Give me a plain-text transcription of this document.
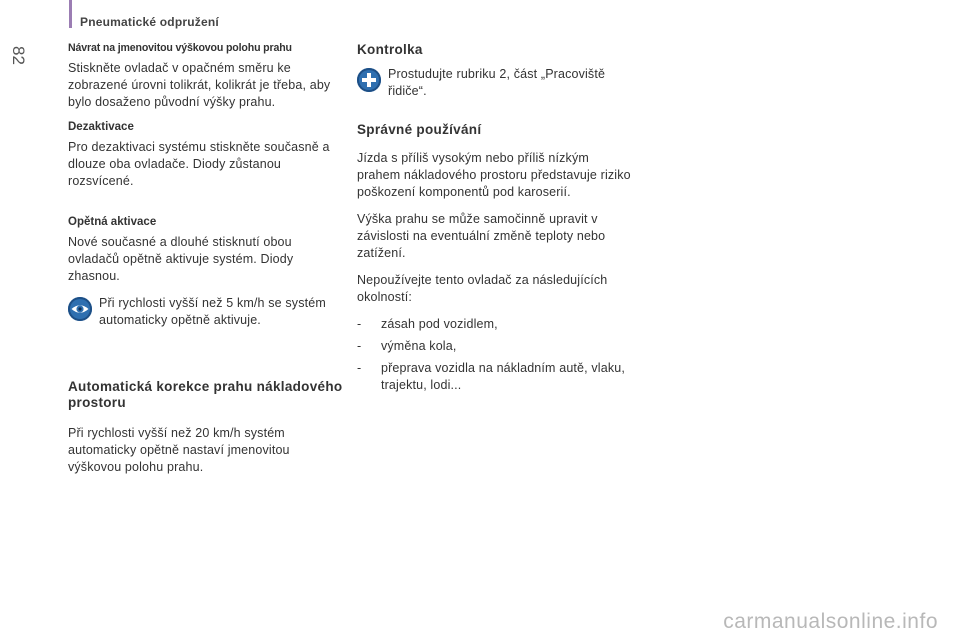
Pneumatické odpružení
82	Návrat na jmenovitou výškovou polohu prahu

Stiskněte ovladač v opačném směru ke zobrazené úrovni tolikrát, kolikrát je třeba, aby bylo dosaženo původní výšky prahu.

Dezaktivace

Pro dezaktivaci systému stiskněte současně a dlouze oba ovladače. Diody zůstanou rozsvícené.

Opětná aktivace

Nové současné a dlouhé stisknutí obou ovladačů opětně aktivuje systém. Diody zhasnou.

Při rychlosti vyšší než 5 km/h se systém automaticky opětně aktivuje.

Automatická korekce prahu nákladového prostoru

Při rychlosti vyšší než 20 km/h systém automaticky opětně nastaví jmenovitou výškovou polohu prahu.

Kontrolka

Prostudujte rubriku 2, část „Pracoviště řidiče“.

Správné používání

Jízda s příliš vysokým nebo příliš nízkým prahem nákladového prostoru představuje riziko poškození komponentů pod karoserií.

Výška prahu se může samočinně upravit v závislosti na eventuální změně teploty nebo zatížení.

Nepoužívejte tento ovladač za následujících okolností:

- zásah pod vozidlem,
- výměna kola,
- přeprava vozidla na nákladním autě, vlaku, trajektu, lodi...
carmanualsonline.info
